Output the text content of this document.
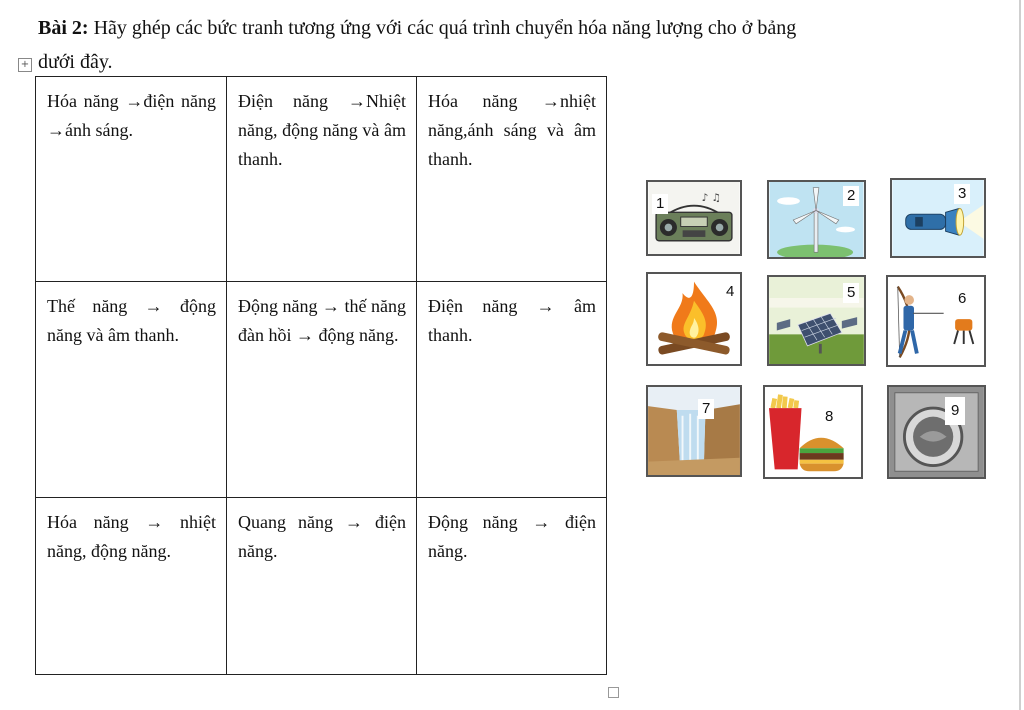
Bài 2: Hãy ghép các bức tranh tương ứng với các quá trình chuyển hóa năng lượng cho ở bảng
dưới đây.
+
Hóa năng →điện năng →ánh sáng.	Điện năng →Nhiệt năng, động năng và âm thanh.	Hóa năng →nhiệt năng,ánh sáng và âm thanh.
Thế năng → động năng và âm thanh.	Động năng → thế năng đàn hồi → động năng.	Điện năng → âm thanh.
Hóa năng → nhiệt năng, động năng.	Quang năng → điện năng.	Động năng → điện năng.
♪ ♫
1	2	3
4	5	6
7	8	9
